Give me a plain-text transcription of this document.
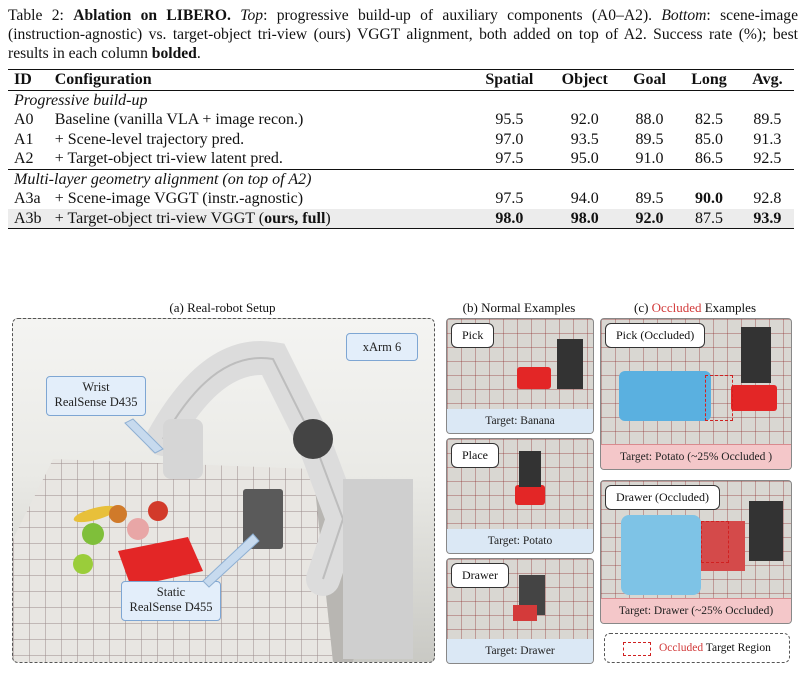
Table 2: Ablation on LIBERO. Top: progressive build-up of auxiliary components (A0–A2). Bottom: scene-image (instruction-agnostic) vs. target-object tri-view (ours) VGGT alignment, both added on top of A2. Success rate (%); best results in each column bolded.
ID	Configuration	Spatial	Object	Goal	Long	Avg.
Progressive build-up						
A0	Baseline (vanilla VLA + image recon.)	95.5	92.0	88.0	82.5	89.5
A1	+ Scene-level trajectory pred.	97.0	93.5	89.5	85.0	91.3
A2	+ Target-object tri-view latent pred.	97.5	95.0	91.0	86.5	92.5
Multi-layer geometry alignment (on top of A2)						
A3a	+ Scene-image VGGT (instr.-agnostic)	97.5	94.0	89.5	90.0	92.8
A3b	+ Target-object tri-view VGGT (ours, full)	98.0	98.0	92.0	87.5	93.9
(a) Real-robot Setup	(b) Normal Examples	(c) Occluded Examples
xArm 6
Wrist
RealSense D435
Static
RealSense D455
Pick
Target: Banana
Place
Target: Potato
Drawer
Target: Drawer
Pick (Occluded)
Target: Potato (~25% Occluded )
Drawer (Occluded)
Target: Drawer (~25% Occluded)
Occluded Target Region
